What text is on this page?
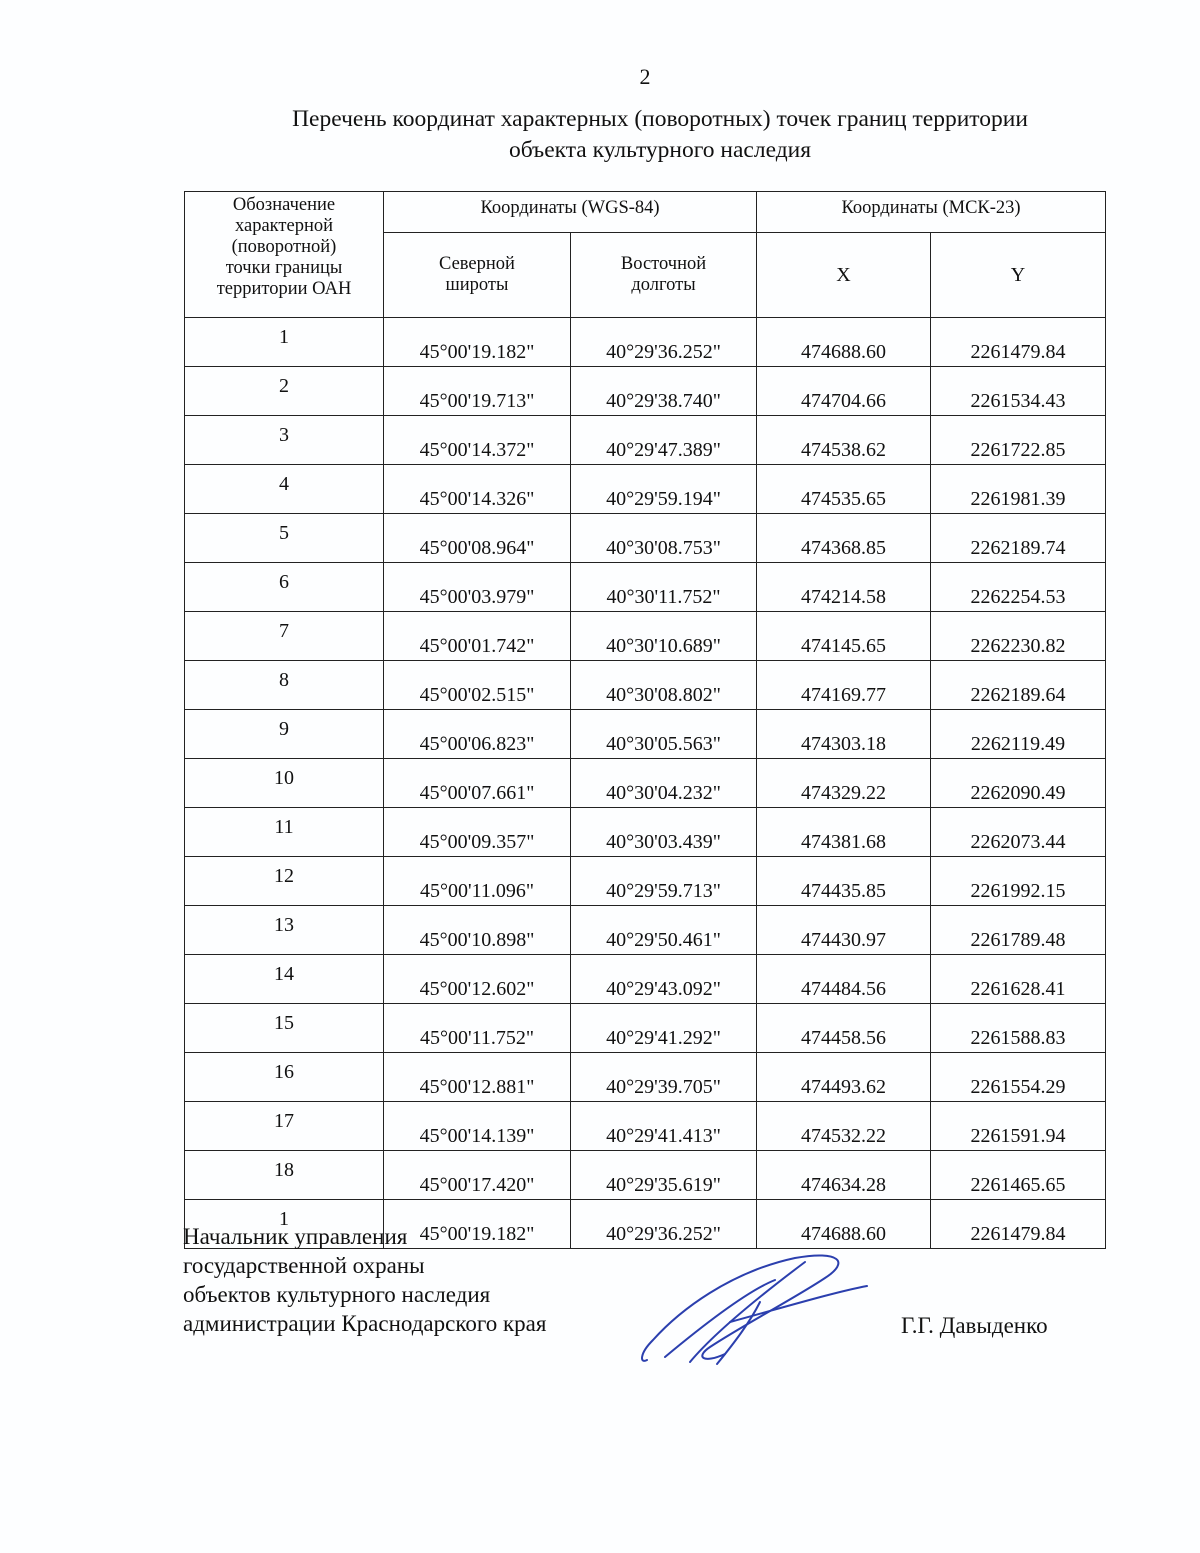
2
Перечень координат характерных (поворотных) точек границ территории
объекта культурного наследия
Обозначение
характерной
(поворотной)
точки границы
территории ОАН	Координаты (WGS-84)		Координаты (МСК-23)	

	Северной
широты	Восточной
долготы	X	Y
1	45°00'19.182"	40°29'36.252"	474688.60	2261479.84
2	45°00'19.713"	40°29'38.740"	474704.66	2261534.43
3	45°00'14.372"	40°29'47.389"	474538.62	2261722.85
4	45°00'14.326"	40°29'59.194"	474535.65	2261981.39
5	45°00'08.964"	40°30'08.753"	474368.85	2262189.74
6	45°00'03.979"	40°30'11.752"	474214.58	2262254.53
7	45°00'01.742"	40°30'10.689"	474145.65	2262230.82
8	45°00'02.515"	40°30'08.802"	474169.77	2262189.64
9	45°00'06.823"	40°30'05.563"	474303.18	2262119.49
10	45°00'07.661"	40°30'04.232"	474329.22	2262090.49
11	45°00'09.357"	40°30'03.439"	474381.68	2262073.44
12	45°00'11.096"	40°29'59.713"	474435.85	2261992.15
13	45°00'10.898"	40°29'50.461"	474430.97	2261789.48
14	45°00'12.602"	40°29'43.092"	474484.56	2261628.41
15	45°00'11.752"	40°29'41.292"	474458.56	2261588.83
16	45°00'12.881"	40°29'39.705"	474493.62	2261554.29
17	45°00'14.139"	40°29'41.413"	474532.22	2261591.94
18	45°00'17.420"	40°29'35.619"	474634.28	2261465.65
1	45°00'19.182"	40°29'36.252"	474688.60	2261479.84
Начальник управления
государственной охраны
объектов культурного наследия
администрации Краснодарского края	Г.Г. Давыденко
